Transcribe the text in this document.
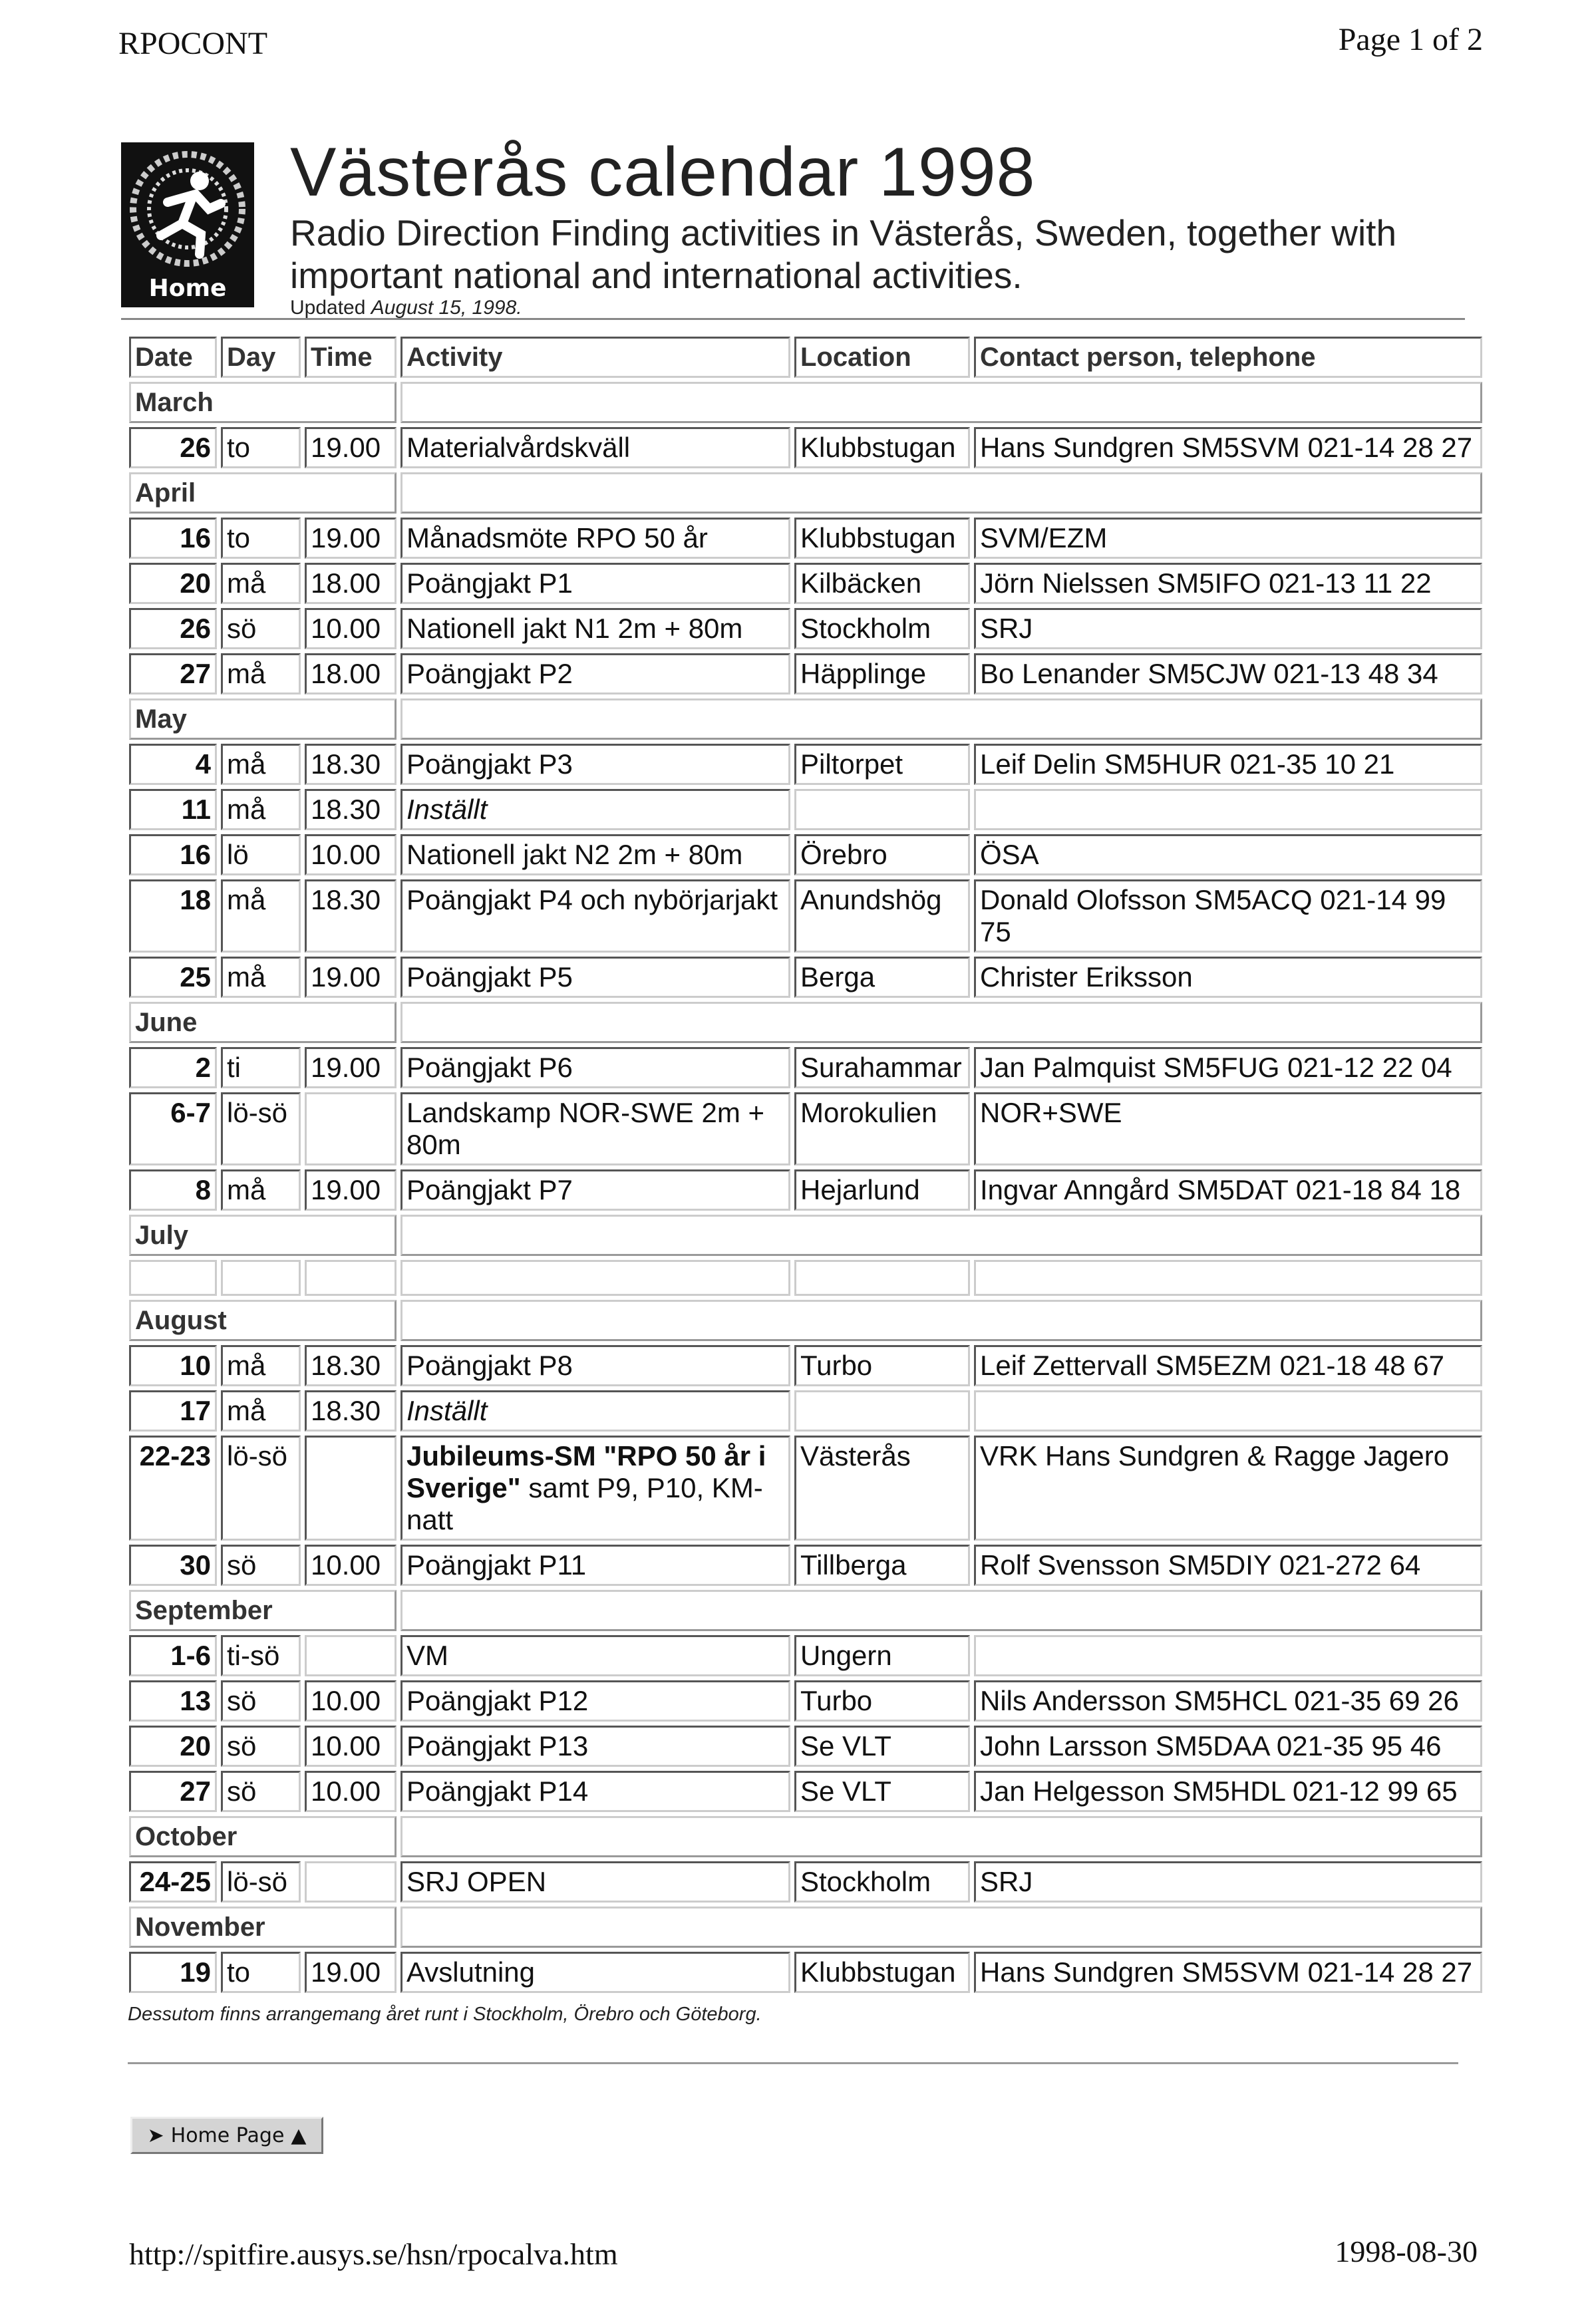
RPOCONT	Page 1 of 2
Home
Västerås calendar 1998
Radio Direction Finding activities in Västerås, Sweden, together with important national and international activities.
Updated August 15, 1998.
Date	Day	Time	Activity	Location	Contact person, telephone
March					
26	to	19.00	Materialvårdskväll	Klubbstugan	Hans Sundgren SM5SVM 021-14 28 27
April					
16	to	19.00	Månadsmöte RPO 50 år	Klubbstugan	SVM/EZM
20	må	18.00	Poängjakt P1	Kilbäcken	Jörn Nielssen SM5IFO 021-13 11 22
26	sö	10.00	Nationell jakt N1 2m + 80m	Stockholm	SRJ
27	må	18.00	Poängjakt P2	Häpplinge	Bo Lenander SM5CJW 021-13 48 34
May					
4	må	18.30	Poängjakt P3	Piltorpet	Leif Delin SM5HUR 021-35 10 21
11	må	18.30	Inställt		
16	lö	10.00	Nationell jakt N2 2m + 80m	Örebro	ÖSA
18	må	18.30	Poängjakt P4 och nybörjarjakt	Anundshög	Donald Olofsson SM5ACQ 021-14 99 75
25	må	19.00	Poängjakt P5	Berga	Christer Eriksson
June					
2	ti	19.00	Poängjakt P6	Surahammar	Jan Palmquist SM5FUG 021-12 22 04
6-7	lö-sö		Landskamp NOR-SWE 2m + 80m	Morokulien	NOR+SWE
8	må	19.00	Poängjakt P7	Hejarlund	Ingvar Anngård SM5DAT 021-18 84 18
July					

August					
10	må	18.30	Poängjakt P8	Turbo	Leif Zettervall SM5EZM 021-18 48 67
17	må	18.30	Inställt		
22-23	lö-sö		Jubileums-SM "RPO 50 år i Sverige" samt P9, P10, KM-natt	Västerås	VRK Hans Sundgren & Ragge Jagero
30	sö	10.00	Poängjakt P11	Tillberga	Rolf Svensson SM5DIY 021-272 64
September					
1-6	ti-sö		VM	Ungern	
13	sö	10.00	Poängjakt P12	Turbo	Nils Andersson SM5HCL 021-35 69 26
20	sö	10.00	Poängjakt P13	Se VLT	John Larsson SM5DAA 021-35 95 46
27	sö	10.00	Poängjakt P14	Se VLT	Jan Helgesson SM5HDL 021-12 99 65
October					
24-25	lö-sö		SRJ OPEN	Stockholm	SRJ
November					
19	to	19.00	Avslutning	Klubbstugan	Hans Sundgren SM5SVM 021-14 28 27
Dessutom finns arrangemang året runt i Stockholm, Örebro och Göteborg.
➤ Home Page ▲
http://spitfire.ausys.se/hsn/rpocalva.htm	1998-08-30
